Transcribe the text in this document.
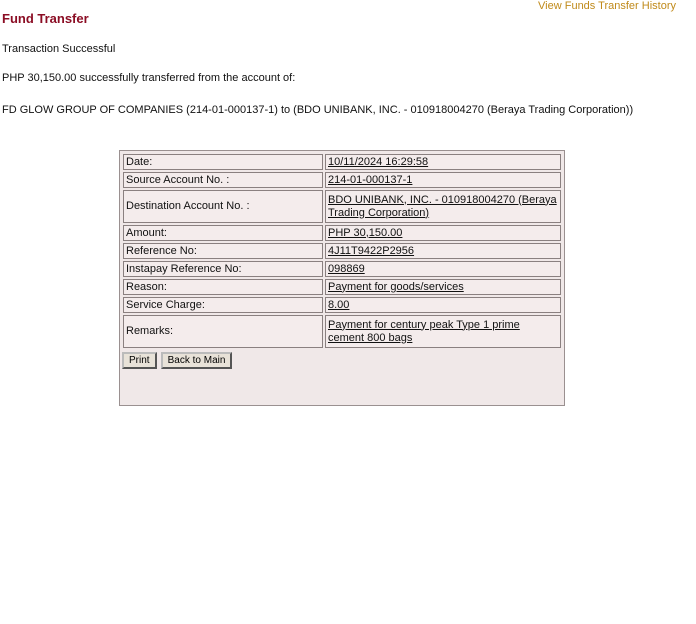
Fund Transfer
View Funds Transfer History
Transaction Successful
PHP 30,150.00 successfully transferred from the account of:
FD GLOW GROUP OF COMPANIES (214-01-000137-1) to (BDO UNIBANK, INC. - 010918004270 (Beraya Trading Corporation))
Date:	10/11/2024 16:29:58
Source Account No. :	214-01-000137-1
Destination Account No. :	BDO UNIBANK, INC. - 010918004270 (Beraya Trading Corporation)
Amount:	PHP 30,150.00
Reference No:	4J11T9422P2956
Instapay Reference No:	098869
Reason:	Payment for goods/services
Service Charge:	8.00
Remarks:	Payment for century peak Type 1 prime cement 800 bags
Print Back to Main
